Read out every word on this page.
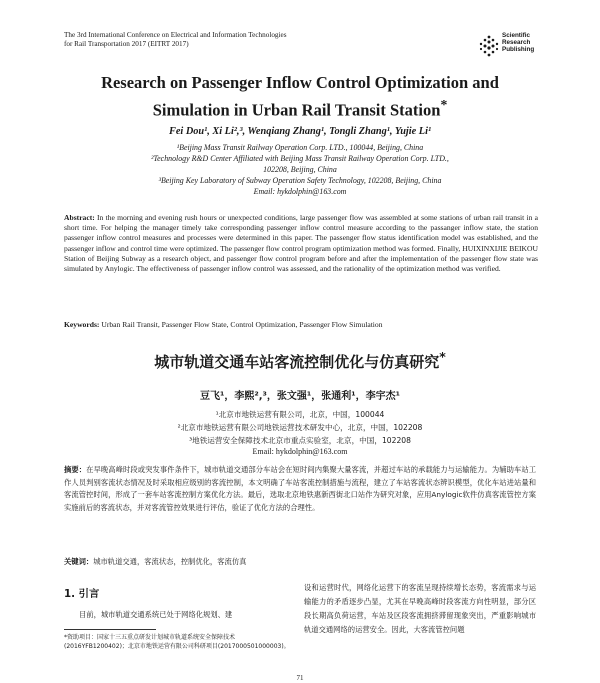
The 3rd International Conference on Electrical and Information Technologies
for Rail Transportation 2017 (EITRT 2017)
Scientific
Research
Publishing
Research on Passenger Inflow Control Optimization and
Simulation in Urban Rail Transit Station*
Fei Dou¹, Xi Li²,³, Wenqiang Zhang¹, Tongli Zhang¹, Yujie Li¹
¹Beijing Mass Transit Railway Operation Corp. LTD., 100044, Beijing, China
²Technology R&D Center Affiliated with Beijing Mass Transit Railway Operation Corp. LTD.,
102208, Beijing, China
³Beijing Key Laboratory of Subway Operation Safety Technology, 102208, Beijing, China
Email: hykdolphin@163.com
Abstract: In the morning and evening rush hours or unexpected conditions, large passenger flow was assembled at some stations of urban rail transit in a short time. For helping the manager timely take corresponding passenger inflow control measure according to the passanger inflow state, the station passenger inflow control measures and processes were determined in this paper. The passenger flow status identification model was established, and the passenger inflow and control time were optimized. The passenger flow control program optimization method was formed. Finally, HUIXINXIJIE BEIKOU Station of Beijing Subway as a research object, and passenger flow control program before and after the implementation of the passenger flow state was simulated by Anylogic. The effectiveness of passenger inflow control was assessed, and the rationality of the optimization method was verified.
Keywords: Urban Rail Transit, Passenger Flow State, Control Optimization, Passenger Flow Simulation
城市轨道交通车站客流控制优化与仿真研究*
豆飞¹，李熙²,³，张文强¹，张通利¹，李宇杰¹
¹北京市地铁运营有限公司，北京，中国，100044
²北京市地铁运营有限公司地铁运营技术研发中心，北京，中国，102208
³地铁运营安全保障技术北京市重点实验室，北京，中国，102208
Email: hykdolphin@163.com
摘要：在早晚高峰时段或突发事件条件下，城市轨道交通部分车站会在短时间内集聚大量客流，并超过车站的承载能力与运输能力。为辅助车站工作人员判别客流状态情况及时采取相应级别的客流控制，本文明确了车站客流控制措施与流程，建立了车站客流状态辨识模型，优化车站进站量和客流管控时间，形成了一套车站客流控制方案优化方法。最后，选取北京地铁惠新西街北口站作为研究对象，应用Anylogic软件仿真客流管控方案实施前后的客流状态，并对客流管控效果进行评估，验证了优化方法的合理性。
关键词：城市轨道交通，客流状态，控制优化，客流仿真
1. 引言
目前，城市轨道交通系统已处于网络化规划、建
*资助项目：国家十三五重点研发计划城市轨道系统安全保障技术(2016YFB1200402)；北京市地铁运营有限公司科研项目(2017000501000003)。
设和运营时代，网络化运营下的客流呈现持续增长态势，客流需求与运输能力的矛盾逐步凸显，尤其在早晚高峰时段客流方向性明显，部分区段长期高负荷运营，车站及区段客流拥挤滞留现象突出，严重影响城市轨道交通网络的运营安全。因此，大客流管控问题
71
